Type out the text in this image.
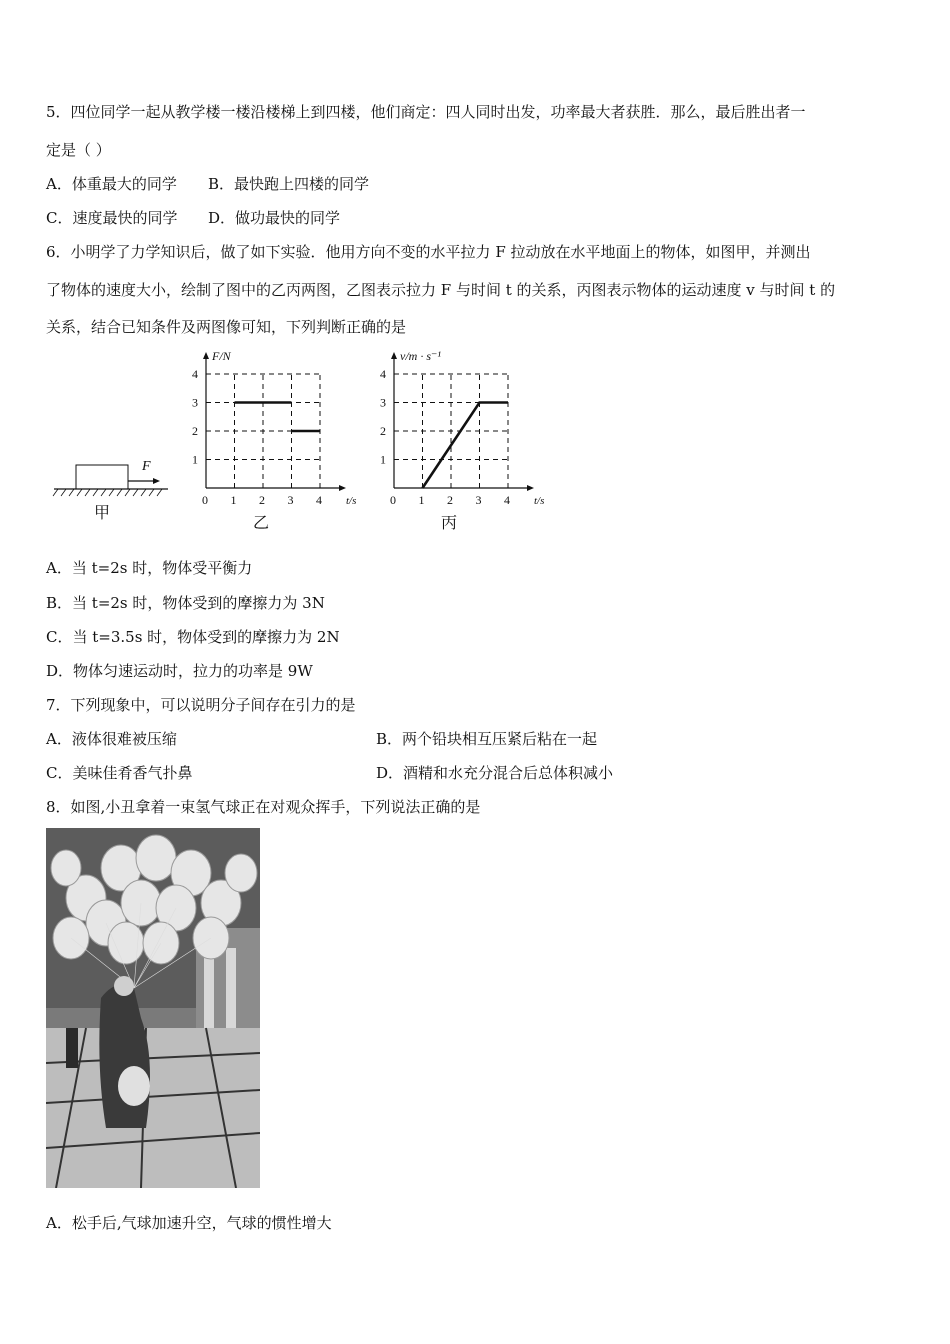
5．四位同学一起从教学楼一楼沿楼梯上到四楼，他们商定：四人同时出发，功率最大者获胜．那么，最后胜出者一
定是（ ）
A．体重最大的同学 B．最快跑上四楼的同学
C．速度最快的同学 D．做功最快的同学
6．小明学了力学知识后，做了如下实验．他用方向不变的水平拉力 F 拉动放在水平地面上的物体，如图甲，并测出
了物体的速度大小，绘制了图中的乙丙两图，乙图表示拉力 F 与时间 t 的关系，丙图表示物体的运动速度 v 与时间 t 的
关系，结合已知条件及两图像可知，下列判断正确的是
F
甲
0 1 2 3 4
1
2
3
4
t/s
F/N
乙
0 1 2 3 4
1
2
3
4
t/s
v/m · s⁻¹
丙
A．当 t=2s 时，物体受平衡力
B．当 t=2s 时，物体受到的摩擦力为 3N
C．当 t=3.5s 时，物体受到的摩擦力为 2N
D．物体匀速运动时，拉力的功率是 9W
7．下列现象中，可以说明分子间存在引力的是
A．液体很难被压缩	B．两个铅块相互压紧后粘在一起
C．美味佳肴香气扑鼻	D．酒精和水充分混合后总体积减小
8．如图,小丑拿着一束氢气球正在对观众挥手，下列说法正确的是
A．松手后,气球加速升空，气球的惯性增大
